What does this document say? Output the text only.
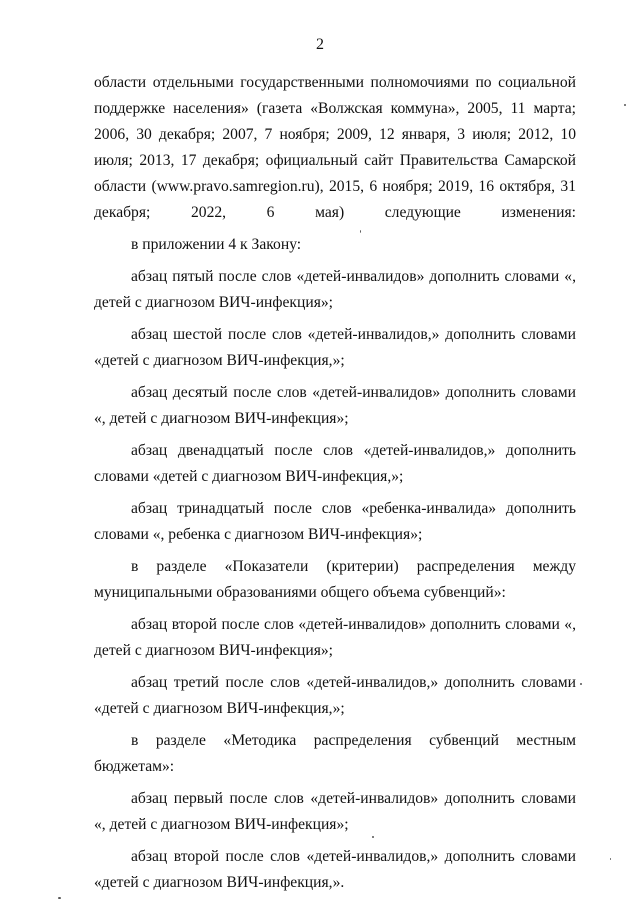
2

области отдельными государственными полномочиями по социальной поддержке населения» (газета «Волжская коммуна», 2005, 11 марта; 2006, 30 декабря; 2007, 7 ноября; 2009, 12 января, 3 июля; 2012, 10 июля; 2013, 17 декабря; официальный сайт Правительства Самарской области (www.pravo.samregion.ru), 2015, 6 ноября; 2019, 16 октября, 31 декабря; 2022, 6 мая) следующие изменения:

в приложении 4 к Закону:

абзац пятый после слов «детей-инвалидов» дополнить словами «, детей с диагнозом ВИЧ-инфекция»;

абзац шестой после слов «детей-инвалидов,» дополнить словами «детей с диагнозом ВИЧ-инфекция,»;

абзац десятый после слов «детей-инвалидов» дополнить словами «, детей с диагнозом ВИЧ-инфекция»;

абзац двенадцатый после слов «детей-инвалидов,» дополнить словами «детей с диагнозом ВИЧ-инфекция,»;

абзац тринадцатый после слов «ребенка-инвалида» дополнить словами «, ребенка с диагнозом ВИЧ-инфекция»;

в разделе «Показатели (критерии) распределения между муниципальными образованиями общего объема субвенций»:

абзац второй после слов «детей-инвалидов» дополнить словами «, детей с диагнозом ВИЧ-инфекция»;

абзац третий после слов «детей-инвалидов,» дополнить словами «детей с диагнозом ВИЧ-инфекция,»;

в разделе «Методика распределения субвенций местным бюджетам»:

абзац первый после слов «детей-инвалидов» дополнить словами «, детей с диагнозом ВИЧ-инфекция»;

абзац второй после слов «детей-инвалидов,» дополнить словами «детей с диагнозом ВИЧ-инфекция,».
